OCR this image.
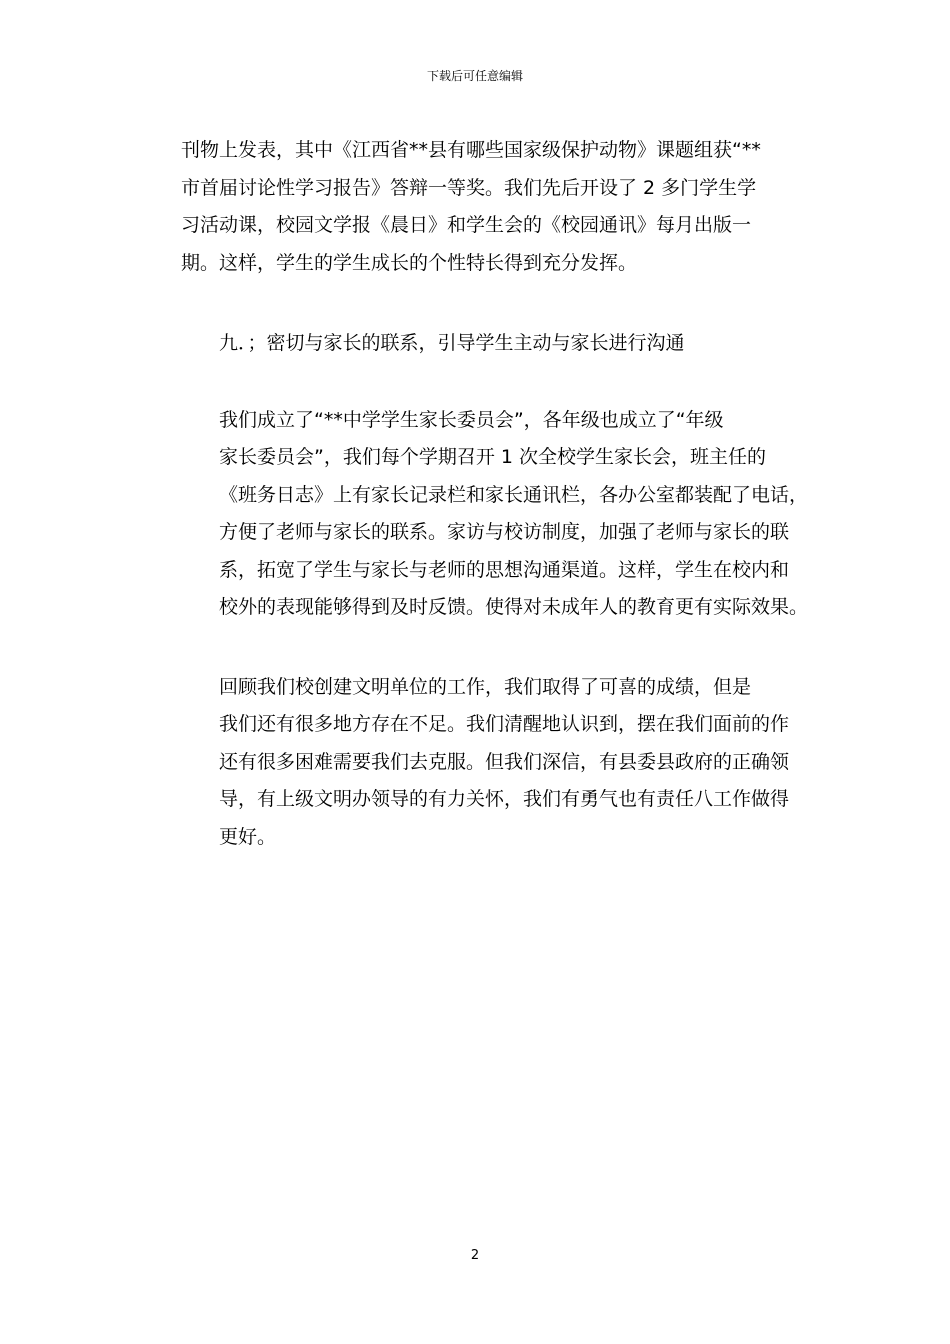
下载后可任意编辑

刊物上发表，其中《江西省**县有哪些国家级保护动物》课题组获“**
市首届讨论性学习报告》答辩一等奖。我们先后开设了 2 多门学生学
习活动课，校园文学报《晨日》和学生会的《校园通讯》每月出版一
期。这样，学生的学生成长的个性特长得到充分发挥。

九．；密切与家长的联系，引导学生主动与家长进行沟通

我们成立了“**中学学生家长委员会”，各年级也成立了“年级
家长委员会”，我们每个学期召开 1 次全校学生家长会，班主任的
《班务日志》上有家长记录栏和家长通讯栏，各办公室都装配了电话，
方便了老师与家长的联系。家访与校访制度，加强了老师与家长的联
系，拓宽了学生与家长与老师的思想沟通渠道。这样，学生在校内和
校外的表现能够得到及时反馈。使得对未成年人的教育更有实际效果。

回顾我们校创建文明单位的工作，我们取得了可喜的成绩，但是
我们还有很多地方存在不足。我们清醒地认识到，摆在我们面前的作
还有很多困难需要我们去克服。但我们深信，有县委县政府的正确领
导，有上级文明办领导的有力关怀，我们有勇气也有责任八工作做得
更好。

2
